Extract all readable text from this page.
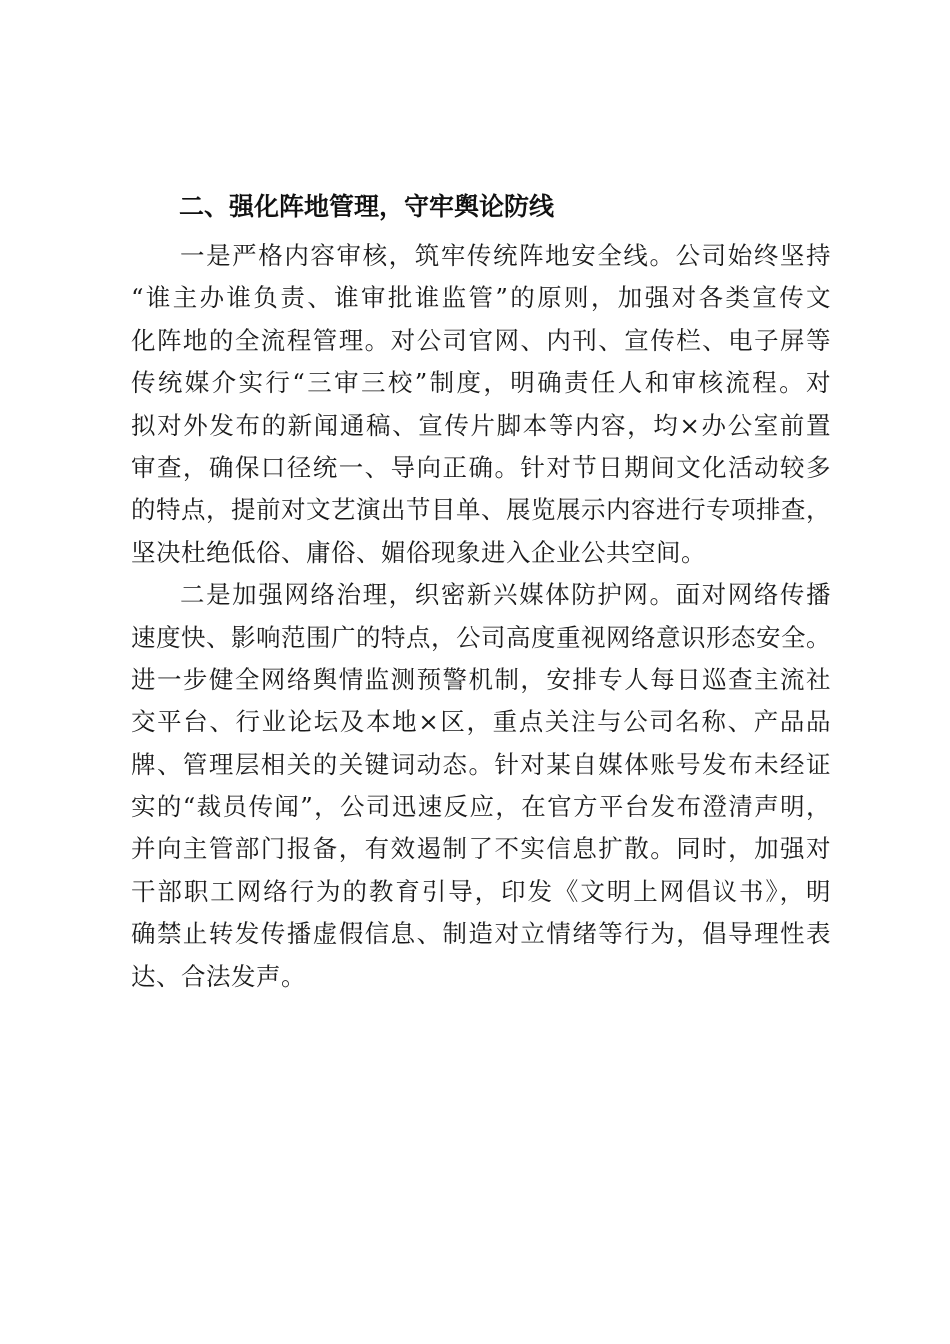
二、强化阵地管理，守牢舆论防线
一是严格内容审核，筑牢传统阵地安全线。公司始终坚持
“谁主办谁负责、谁审批谁监管”的原则，加强对各类宣传文
化阵地的全流程管理。对公司官网、内刊、宣传栏、电子屏等
传统媒介实行“三审三校”制度，明确责任人和审核流程。对
拟对外发布的新闻通稿、宣传片脚本等内容，均×办公室前置
审查，确保口径统一、导向正确。针对节日期间文化活动较多
的特点，提前对文艺演出节目单、展览展示内容进行专项排查，
坚决杜绝低俗、庸俗、媚俗现象进入企业公共空间。
二是加强网络治理，织密新兴媒体防护网。面对网络传播
速度快、影响范围广的特点，公司高度重视网络意识形态安全。
进一步健全网络舆情监测预警机制，安排专人每日巡查主流社
交平台、行业论坛及本地×区，重点关注与公司名称、产品品
牌、管理层相关的关键词动态。针对某自媒体账号发布未经证
实的“裁员传闻”，公司迅速反应，在官方平台发布澄清声明，
并向主管部门报备，有效遏制了不实信息扩散。同时，加强对
干部职工网络行为的教育引导，印发《文明上网倡议书》，明
确禁止转发传播虚假信息、制造对立情绪等行为，倡导理性表
达、合法发声。
